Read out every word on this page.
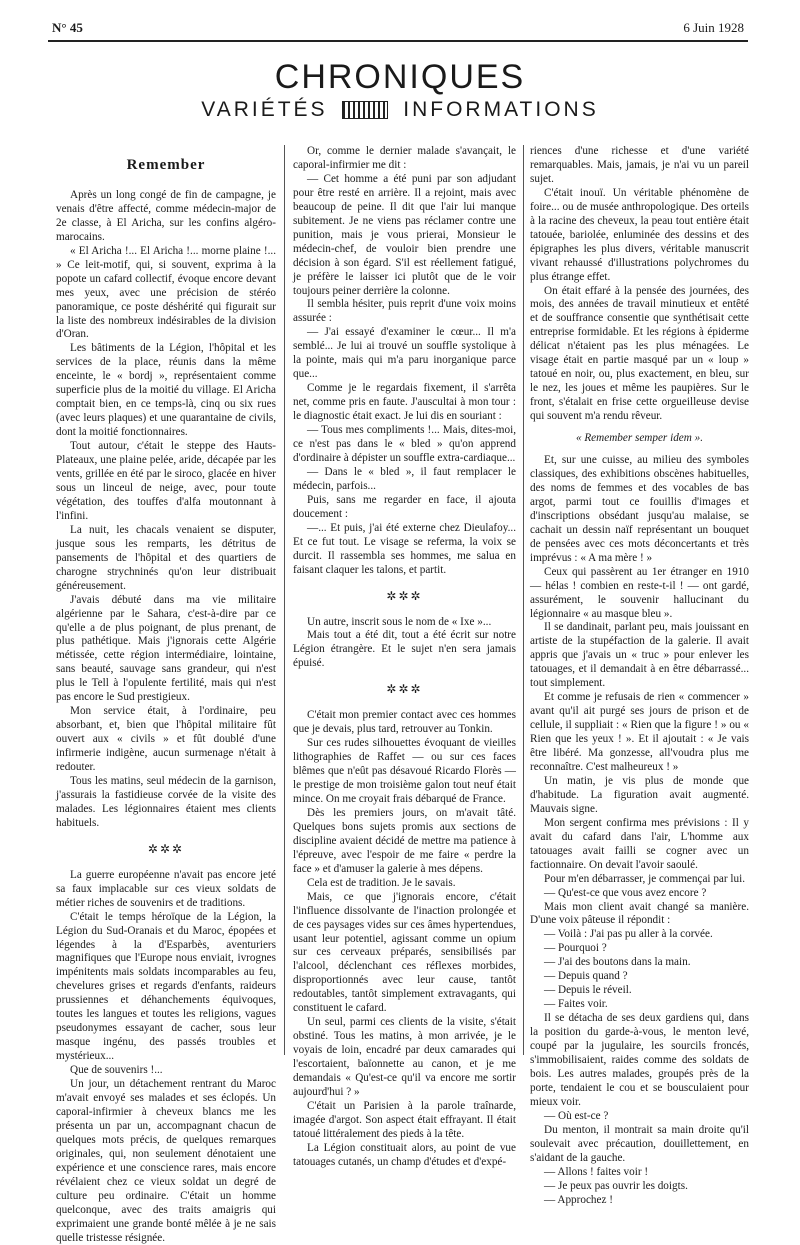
N° 45	6 Juin 1928
CHRONIQUES
VARIÉTÉS	INFORMATIONS
Remember

Après un long congé de fin de campagne, je venais d'être affecté, comme médecin-major de 2e classe, à El Aricha, sur les confins algéro-marocains.

« El Aricha !... El Aricha !... morne plaine !... » Ce leit-motif, qui, si souvent, exprima à la popote un cafard collectif, évoque encore devant mes yeux, avec une précision de stéréo panoramique, ce poste déshérité qui figurait sur la liste des nombreux indésirables de la division d'Oran.

Les bâtiments de la Légion, l'hôpital et les services de la place, réunis dans la même enceinte, le « bordj », représentaient comme superficie plus de la moitié du village. El Aricha comptait bien, en ce temps-là, cinq ou six rues (avec leurs plaques) et une quarantaine de civils, dont la moitié fonctionnaires.

Tout autour, c'était le steppe des Hauts-Plateaux, une plaine pelée, aride, décapée par les vents, grillée en été par le siroco, glacée en hiver sous un linceul de neige, avec, pour toute végétation, des touffes d'alfa moutonnant à l'infini.

La nuit, les chacals venaient se disputer, jusque sous les remparts, les détritus de pansements de l'hôpital et des quartiers de charogne strychninés qu'on leur distribuait généreusement.

J'avais débuté dans ma vie militaire algérienne par le Sahara, c'est-à-dire par ce qu'elle a de plus poignant, de plus prenant, de plus pathétique. Mais j'ignorais cette Algérie métissée, cette région intermédiaire, lointaine, sans beauté, sauvage sans grandeur, qui n'est plus le Tell à l'opulente fertilité, mais qui n'est pas encore le Sud prestigieux.

Mon service était, à l'ordinaire, peu absorbant, et, bien que l'hôpital militaire fût ouvert aux « civils » et fût doublé d'une infirmerie indigène, aucun surmenage n'était à redouter.

Tous les matins, seul médecin de la garnison, j'assurais la fastidieuse corvée de la visite des malades. Les légionnaires étaient mes clients habituels.

✲✲✲

La guerre européenne n'avait pas encore jeté sa faux implacable sur ces vieux soldats de métier riches de souvenirs et de traditions.

C'était le temps héroïque de la Légion, la Légion du Sud-Oranais et du Maroc, épopées et légendes à la d'Esparbès, aventuriers magnifiques que l'Europe nous enviait, ivrognes impénitents mais soldats incomparables au feu, chevelures grises et regards d'enfants, raideurs prussiennes et déhanchements équivoques, toutes les langues et toutes les religions, vagues pseudonymes essayant de cacher, sous leur masque ingénu, des passés troubles et mystérieux...

Que de souvenirs !...

Un jour, un détachement rentrant du Maroc m'avait envoyé ses malades et ses éclopés. Un caporal-infirmier à cheveux blancs me les présenta un par un, accompagnant chacun de quelques mots précis, de quelques remarques originales, qui, non seulement dénotaient une expérience et une conscience rares, mais encore révélaient chez ce vieux soldat un degré de culture peu ordinaire. C'était un homme quelconque, avec des traits amaigris qui exprimaient une grande bonté mêlée à je ne sais quelle tristesse résignée.

Or, comme le dernier malade s'avançait, le caporal-infirmier me dit :

— Cet homme a été puni par son adjudant pour être resté en arrière. Il a rejoint, mais avec beaucoup de peine. Il dit que l'air lui manque subitement. Je ne viens pas réclamer contre une punition, mais je vous prierai, Monsieur le médecin-chef, de vouloir bien prendre une décision à son égard. S'il est réellement fatigué, je préfère le laisser ici plutôt que de le voir toujours peiner derrière la colonne.

Il sembla hésiter, puis reprit d'une voix moins assurée :

— J'ai essayé d'examiner le cœur... Il m'a semblé... Je lui ai trouvé un souffle systolique à la pointe, mais qui m'a paru inorganique parce que...

Comme je le regardais fixement, il s'arrêta net, comme pris en faute. J'auscultai à mon tour : le diagnostic était exact. Je lui dis en souriant :

— Tous mes compliments !... Mais, dites-moi, ce n'est pas dans le « bled » qu'on apprend d'ordinaire à dépister un souffle extra-cardiaque...

— Dans le « bled », il faut remplacer le médecin, parfois...

Puis, sans me regarder en face, il ajouta doucement :

—... Et puis, j'ai été externe chez Dieulafoy... Et ce fut tout. Le visage se referma, la voix se durcit. Il rassembla ses hommes, me salua en faisant claquer les talons, et partit.

✲✲✲

Un autre, inscrit sous le nom de « Ixe »...

Mais tout a été dit, tout a été écrit sur notre Légion étrangère. Et le sujet n'en sera jamais épuisé.

✲✲✲

C'était mon premier contact avec ces hommes que je devais, plus tard, retrouver au Tonkin.

Sur ces rudes silhouettes évoquant de vieilles lithographies de Raffet — ou sur ces faces blêmes que n'eût pas désavoué Ricardo Florès — le prestige de mon troisième galon tout neuf était mince. On me croyait frais débarqué de France.

Dès les premiers jours, on m'avait tâté. Quelques bons sujets promis aux sections de discipline avaient décidé de mettre ma patience à l'épreuve, avec l'espoir de me faire « perdre la face » et d'amuser la galerie à mes dépens.

Cela est de tradition. Je le savais.

Mais, ce que j'ignorais encore, c'était l'influence dissolvante de l'inaction prolongée et de ces paysages vides sur ces âmes hypertendues, usant leur potentiel, agissant comme un opium sur ces cerveaux préparés, sensibilisés par l'alcool, déclenchant ces réflexes morbides, disproportionnés avec leur cause, tantôt redoutables, tantôt simplement extravagants, qui constituent le cafard.

Un seul, parmi ces clients de la visite, s'était obstiné. Tous les matins, à mon arrivée, je le voyais de loin, encadré par deux camarades qui l'escortaient, baïonnette au canon, et je me demandais « Qu'est-ce qu'il va encore me sortir aujourd'hui ? »

C'était un Parisien à la parole traînarde, imagée d'argot. Son aspect était effrayant. Il était tatoué littéralement des pieds à la tête.

La Légion constituait alors, au point de vue tatouages cutanés, un champ d'études et d'expé-

riences d'une richesse et d'une variété remarquables. Mais, jamais, je n'ai vu un pareil sujet.

C'était inouï. Un véritable phénomène de foire... ou de musée anthropologique. Des orteils à la racine des cheveux, la peau tout entière était tatouée, bariolée, enluminée des dessins et des épigraphes les plus divers, véritable manuscrit vivant rehaussé d'illustrations polychromes du plus étrange effet.

On était effaré à la pensée des journées, des mois, des années de travail minutieux et entêté et de souffrance consentie que synthétisait cette entreprise formidable. Et les régions à épiderme délicat n'étaient pas les plus ménagées. Le visage était en partie masqué par un « loup » tatoué en noir, ou, plus exactement, en bleu, sur le nez, les joues et même les paupières. Sur le front, s'étalait en frise cette orgueilleuse devise qui souvent m'a rendu rêveur.

« Remember semper idem ».

Et, sur une cuisse, au milieu des symboles classiques, des exhibitions obscènes habituelles, des noms de femmes et des vocables de bas argot, parmi tout ce fouillis d'images et d'inscriptions obsédant jusqu'au malaise, se cachait un dessin naïf représentant un bouquet de pensées avec ces mots déconcertants et très imprévus : « A ma mère ! »

Ceux qui passèrent au 1er étranger en 1910 — hélas ! combien en reste-t-il ! — ont gardé, assurément, le souvenir hallucinant du légionnaire « au masque bleu ».

Il se dandinait, parlant peu, mais jouissant en artiste de la stupéfaction de la galerie. Il avait appris que j'avais un « truc » pour enlever les tatouages, et il demandait à en être débarrassé... tout simplement.

Et comme je refusais de rien « commencer » avant qu'il ait purgé ses jours de prison et de cellule, il suppliait : « Rien que la figure ! » ou « Rien que les yeux ! ». Et il ajoutait : « Je vais être libéré. Ma gonzesse, all'voudra plus me reconnaître. C'est malheureux ! »

Un matin, je vis plus de monde que d'habitude. La figuration avait augmenté. Mauvais signe.

Mon sergent confirma mes prévisions : Il y avait du cafard dans l'air, L'homme aux tatouages avait failli se cogner avec un factionnaire. On devait l'avoir saoulé.

Pour m'en débarrasser, je commençai par lui.

— Qu'est-ce que vous avez encore ?

Mais mon client avait changé sa manière. D'une voix pâteuse il répondit :

— Voilà : J'ai pas pu aller à la corvée.

— Pourquoi ?

— J'ai des boutons dans la main.

— Depuis quand ?

— Depuis le réveil.

— Faites voir.

Il se détacha de ses deux gardiens qui, dans la position du garde-à-vous, le menton levé, coupé par la jugulaire, les sourcils froncés, s'immobilisaient, raides comme des soldats de bois. Les autres malades, groupés près de la porte, tendaient le cou et se bousculaient pour mieux voir.

— Où est-ce ?

Du menton, il montrait sa main droite qu'il soulevait avec précaution, douillettement, en s'aidant de la gauche.

— Allons ! faites voir !

— Je peux pas ouvrir les doigts.

— Approchez !
